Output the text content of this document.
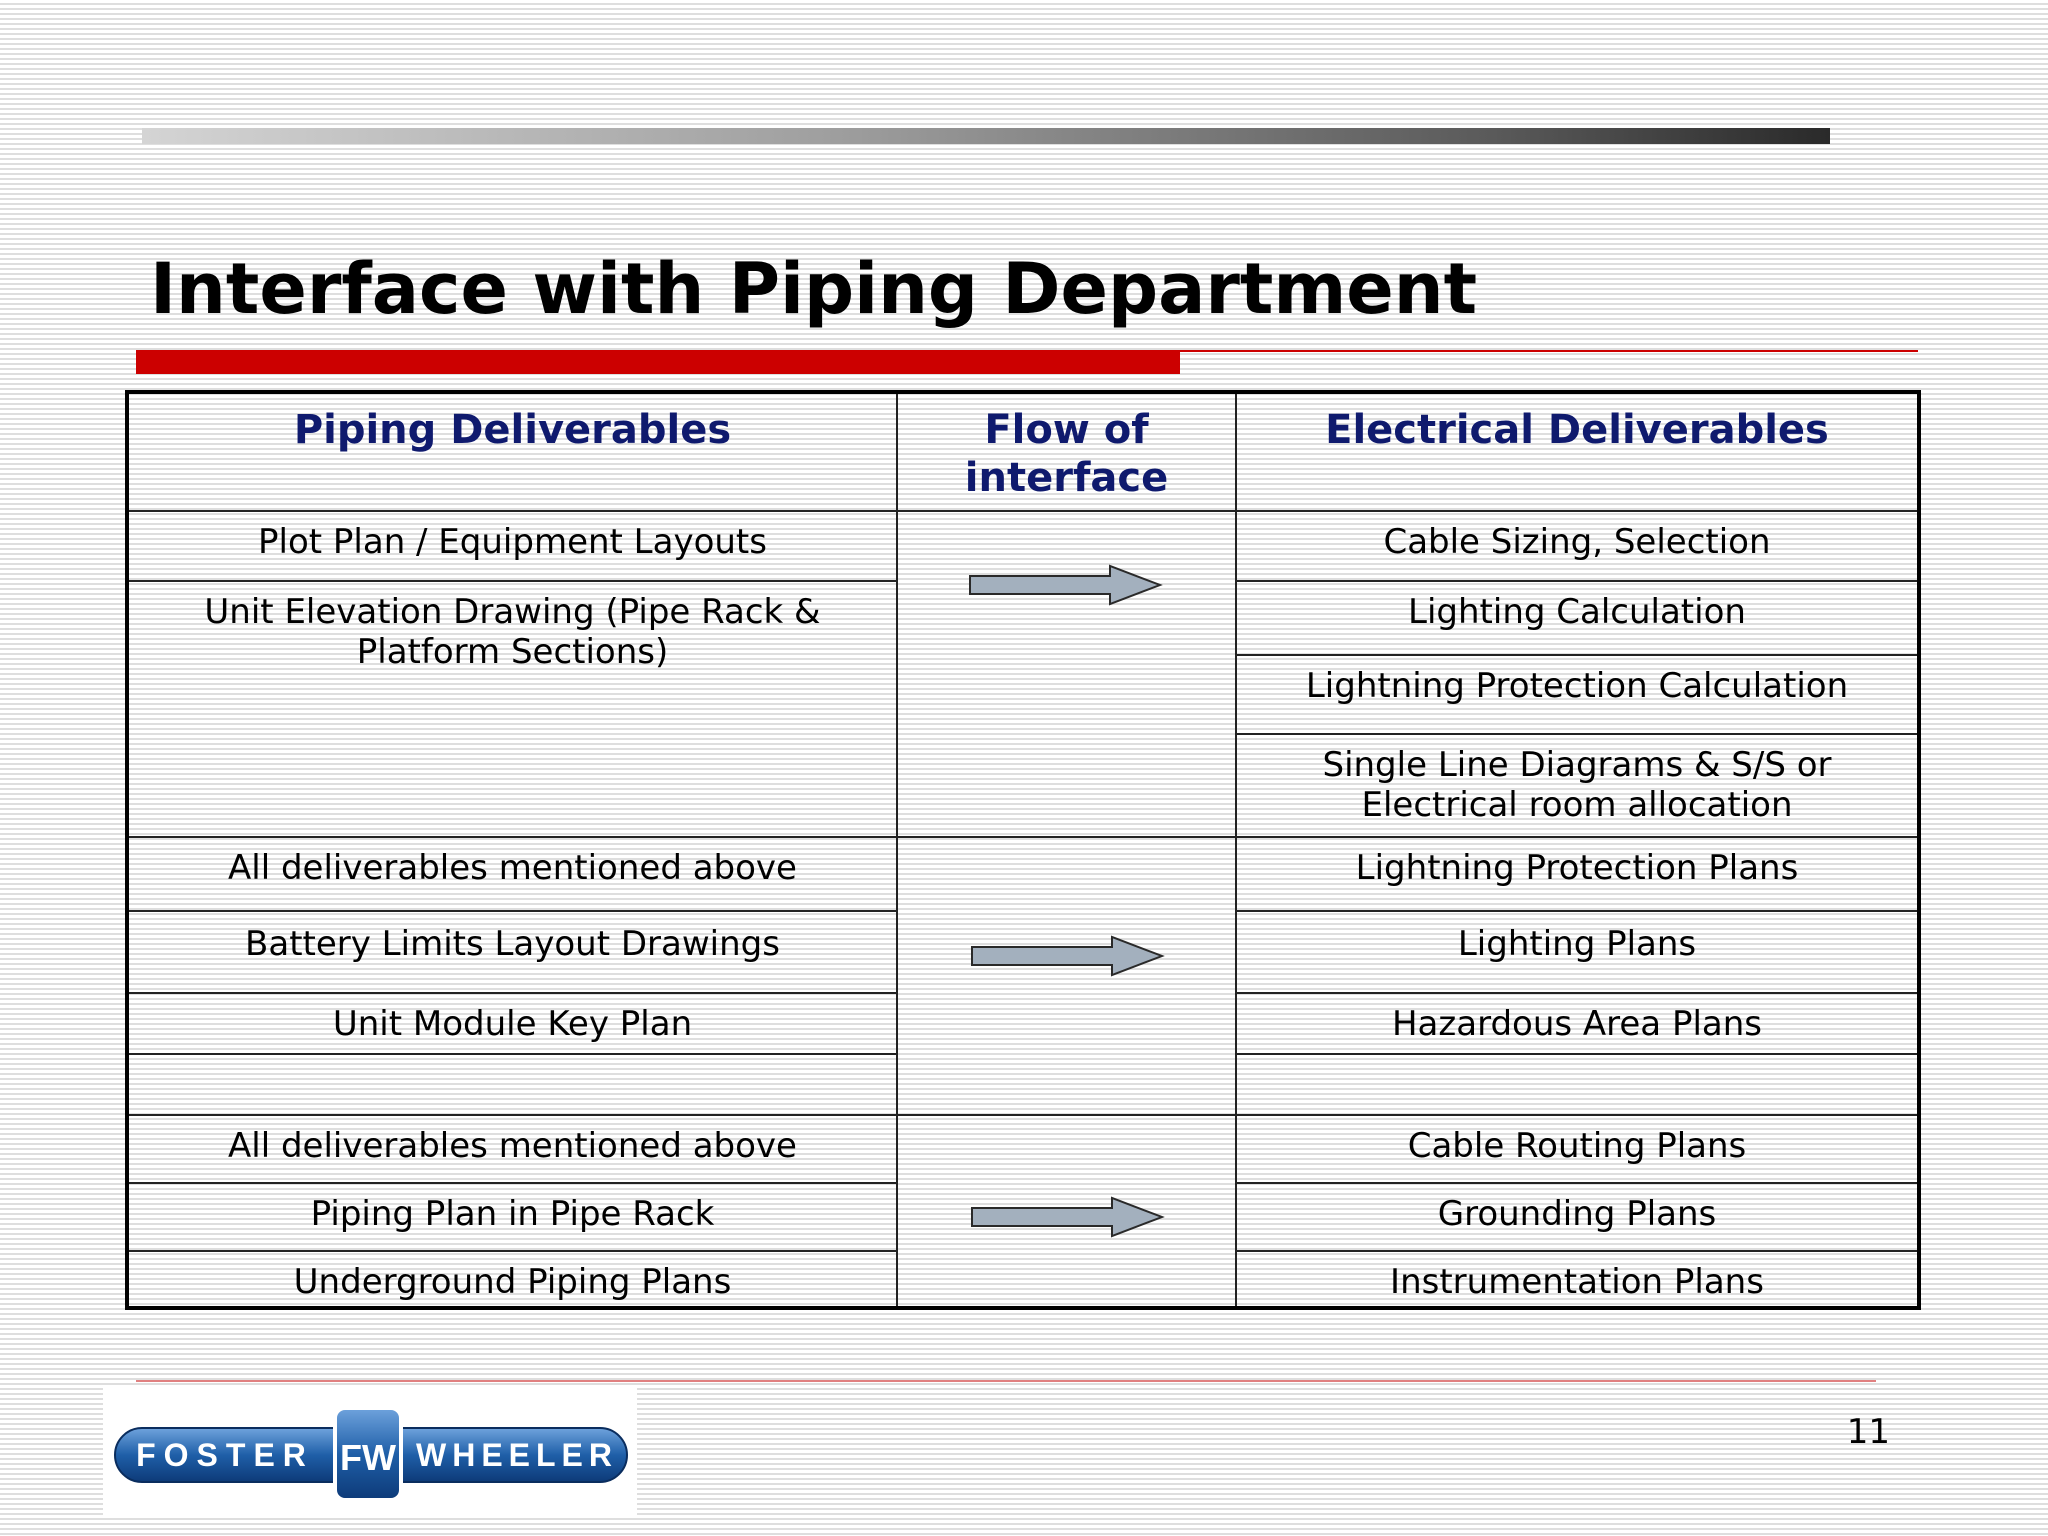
Interface with Piping Department
Piping Deliverables	Flow of
interface
Electrical Deliverables
Plot Plan / Equipment Layouts
Unit Elevation Drawing (Pipe Rack & Platform Sections)
All deliverables mentioned above
Battery Limits Layout Drawings
Unit Module Key Plan
All deliverables mentioned above
Piping Plan in Pipe Rack
Underground Piping Plans
Cable Sizing, Selection
Lighting Calculation
Lightning Protection Calculation
Single Line Diagrams & S/S or Electrical room allocation
Lightning Protection Plans
Lighting Plans
Hazardous Area Plans
Cable Routing Plans
Grounding Plans
Instrumentation Plans
FW
FOSTER	WHEELER
11
